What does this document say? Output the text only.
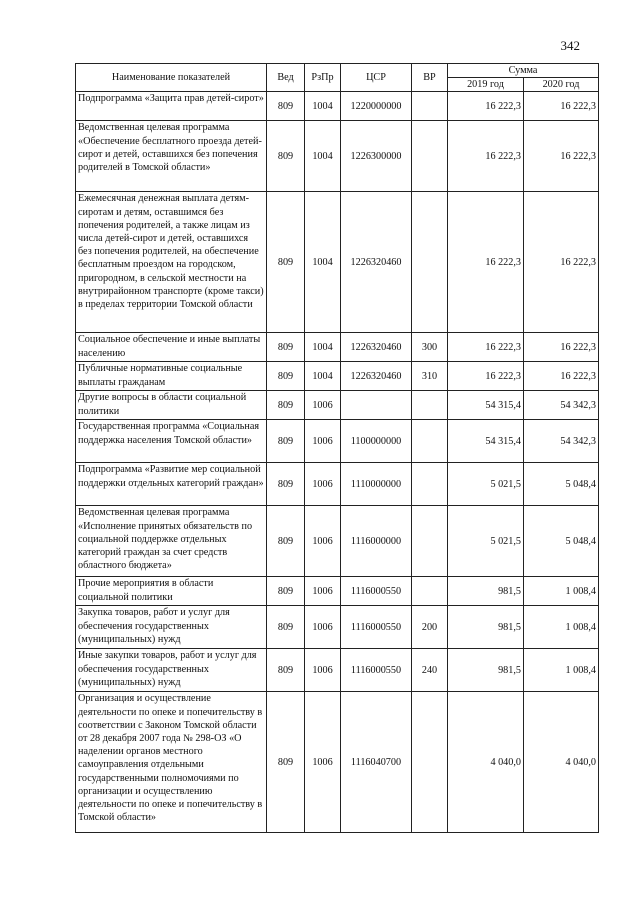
342
Наименование показателей	Вед	РзПр	ЦСР	ВР	Сумма	
					2019 год	2020 год
Подпрограмма «Защита прав детей-сирот»	809	1004	1220000000		16 222,3	16 222,3
Ведомственная целевая программа «Обеспечение бесплатного проезда детей-сирот и детей, оставшихся без попечения родителей в Томской области»	809	1004	1226300000		16 222,3	16 222,3
Ежемесячная денежная выплата детям-сиротам и детям, оставшимся без попечения родителей, а также лицам из числа детей-сирот и детей, оставшихся без попечения родителей, на обеспечение бесплатным проездом на городском, пригородном, в сельской местности на внутрирайонном транспорте (кроме такси) в пределах территории Томской области	809	1004	1226320460		16 222,3	16 222,3
Социальное обеспечение и иные выплаты населению	809	1004	1226320460	300	16 222,3	16 222,3
Публичные нормативные социальные выплаты гражданам	809	1004	1226320460	310	16 222,3	16 222,3
Другие вопросы в области социальной политики	809	1006			54 315,4	54 342,3
Государственная программа «Социальная поддержка населения Томской области»	809	1006	1100000000		54 315,4	54 342,3
Подпрограмма «Развитие мер социальной поддержки отдельных категорий граждан»	809	1006	1110000000		5 021,5	5 048,4
Ведомственная целевая программа «Исполнение принятых обязательств по социальной поддержке отдельных категорий граждан за счет средств областного бюджета»	809	1006	1116000000		5 021,5	5 048,4
Прочие мероприятия в области социальной политики	809	1006	1116000550		981,5	1 008,4
Закупка товаров, работ и услуг для обеспечения государственных (муниципальных) нужд	809	1006	1116000550	200	981,5	1 008,4
Иные закупки товаров, работ и услуг для обеспечения государственных (муниципальных) нужд	809	1006	1116000550	240	981,5	1 008,4
Организация и осуществление деятельности по опеке и попечительству в соответствии с Законом Томской области от 28 декабря 2007 года № 298-ОЗ «О наделении органов местного самоуправления отдельными государственными полномочиями по организации и осуществлению деятельности по опеке и попечительству в Томской области»	809	1006	1116040700		4 040,0	4 040,0
